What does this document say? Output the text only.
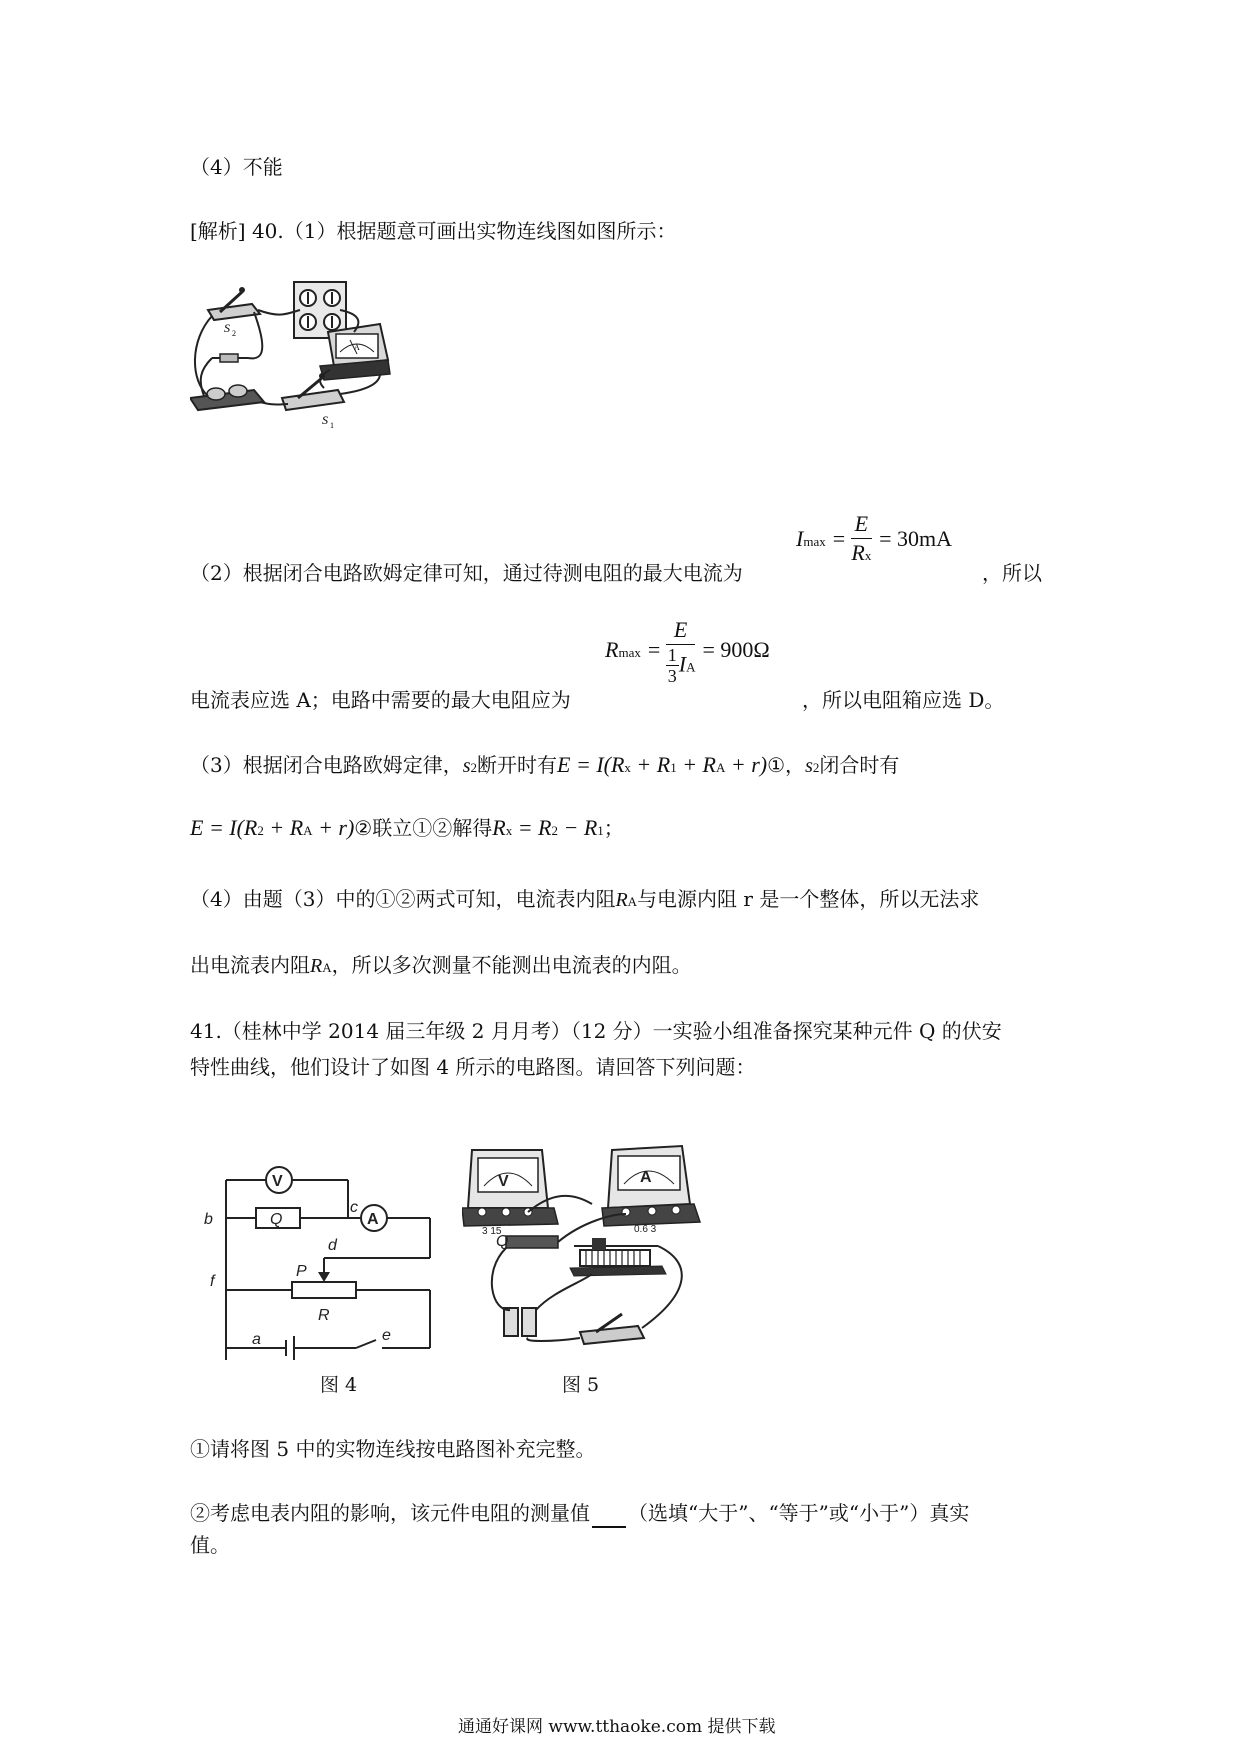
（4）不能
[解析] 40.（1）根据题意可画出实物连线图如图所示：
S 2
A
S 1
（2）根据闭合电路欧姆定律可知，通过待测电阻的最大电流为
$Imax = \frac{E}{Rx} = 30mA$
，所以
$Rmax = \frac{E}{\frac{1}{3} IA} = 900\Omega$
电流表应选 A；电路中需要的最大电阻应为	，所以电阻箱应选 D。
（3）根据闭合电路欧姆定律，s2断开时有E = I(Rx + R1 + RA + r)①，s2闭合时有
E = I(R2 + RA + r)②联立①②解得Rx = R2 − R1；
（4）由题（3）中的①②两式可知，电流表内阻RA与电源内阻 r 是一个整体，所以无法求
出电流表内阻RA，所以多次测量不能测出电流表的内阻。
41.（桂林中学 2014 届三年级 2 月月考）（12 分）一实验小组准备探究某种元件 Q 的伏安
特性曲线，他们设计了如图 4 所示的电路图。请回答下列问题：
V
A
Q
b
c
d
f
P
R
a	e
图 4
V	A
Q
3 15	0.6 3
图 5
①请将图 5 中的实物连线按电路图补充完整。
②考虑电表内阻的影响，该元件电阻的测量值 （选填“大于”、“等于”或“小于”）真实
值。
通通好课网 www.tthaoke.com 提供下载
